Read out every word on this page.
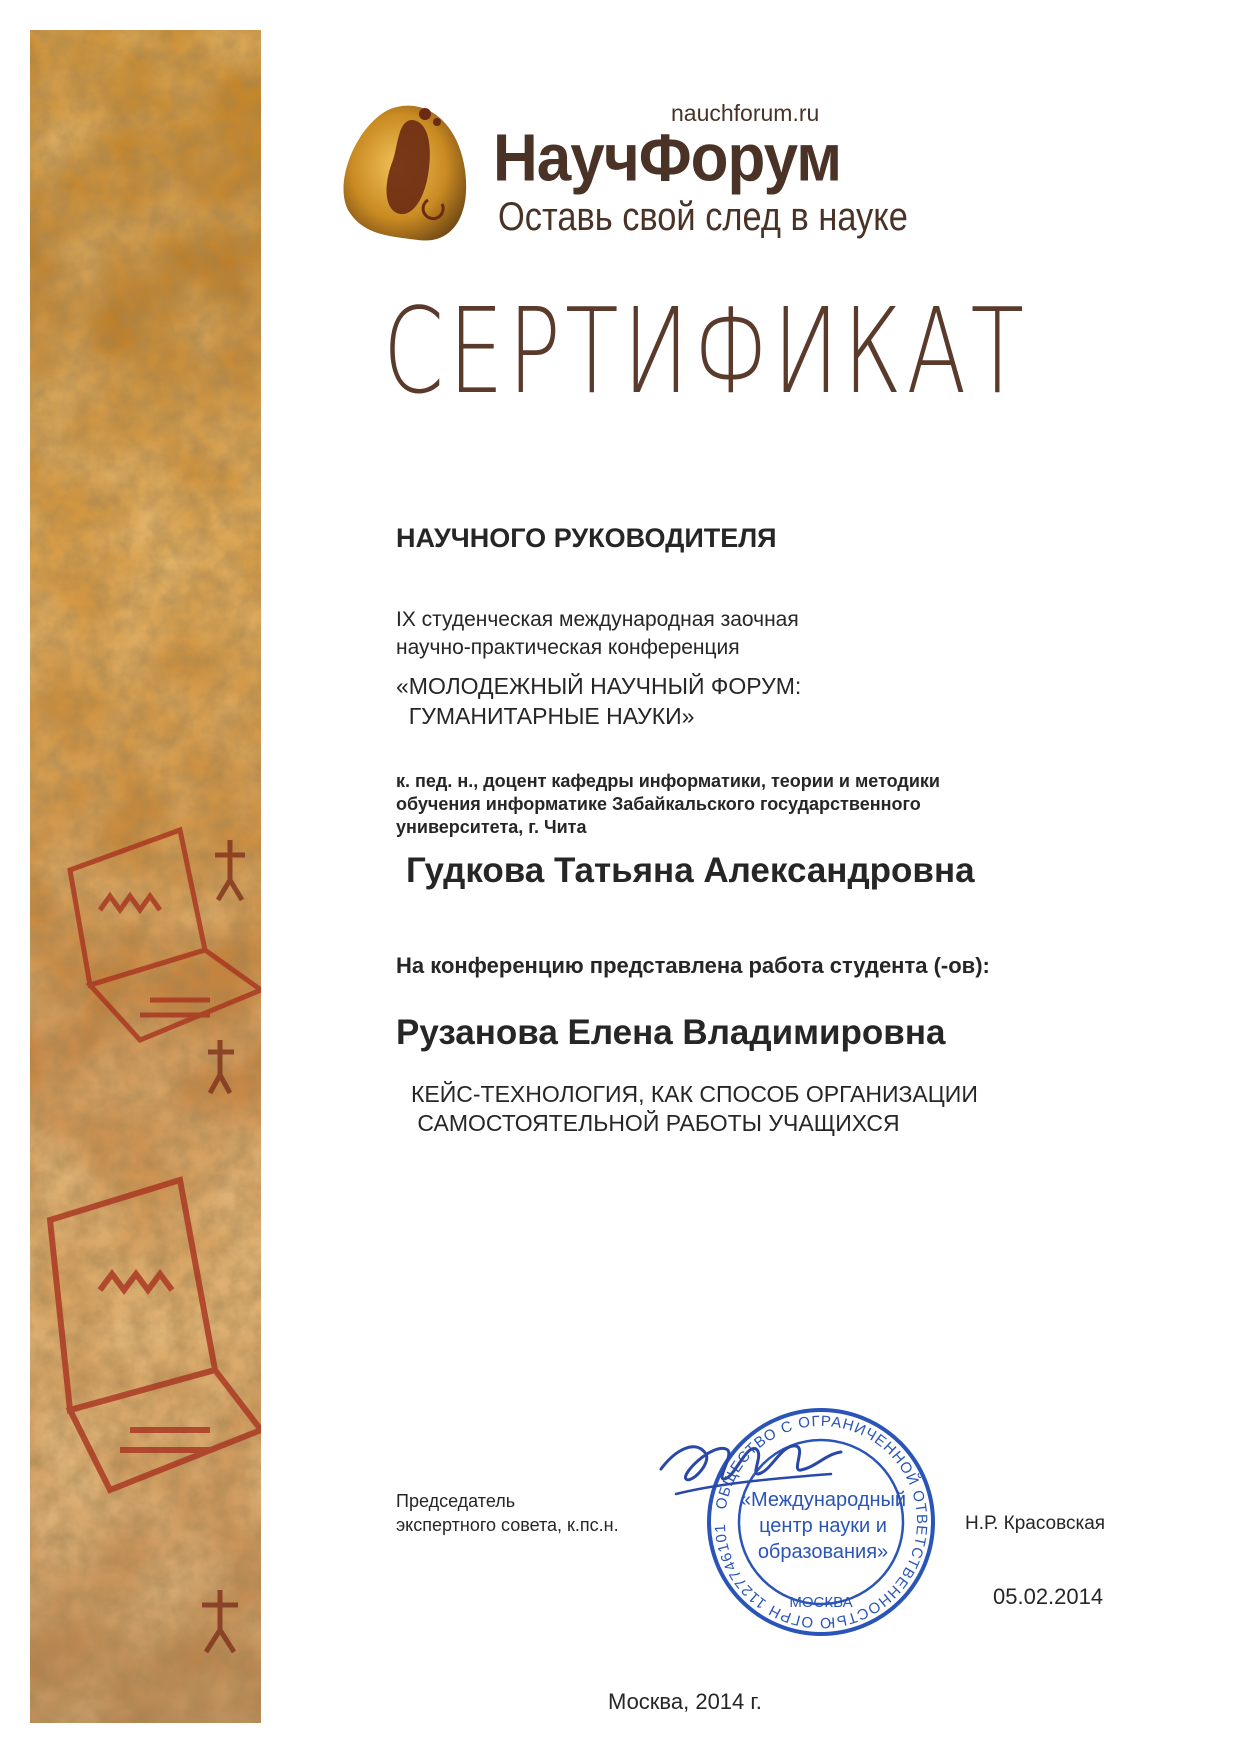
nauchforum.ru
НаучФорум
Оставь свой след в науке
СЕРТИФИКАТ
НАУЧНОГО РУКОВОДИТЕЛЯ
IX студенческая международная заочная
научно-практическая конференция
«МОЛОДЕЖНЫЙ НАУЧНЫЙ ФОРУМ:
ГУМАНИТАРНЫЕ НАУКИ»
к. пед. н., доцент кафедры информатики, теории и методики
обучения информатике Забайкальского государственного
университета, г. Чита
Гудкова Татьяна Александровна
На конференцию представлена работа студента (-ов):
Рузанова Елена Владимировна
КЕЙС-ТЕХНОЛОГИЯ, КАК СПОСОБ ОРГАНИЗАЦИИ
САМОСТОЯТЕЛЬНОЙ РАБОТЫ УЧАЩИХСЯ
Председатель
экспертного совета, к.пс.н.
ОБЩЕСТВО С ОГРАНИЧЕННОЙ ОТВЕТСТВЕННОСТЬЮ ОГРН 1127746101
МОСКВА
«Международный
центр науки и
образования»
Н.Р. Красовская
05.02.2014
Москва, 2014 г.
